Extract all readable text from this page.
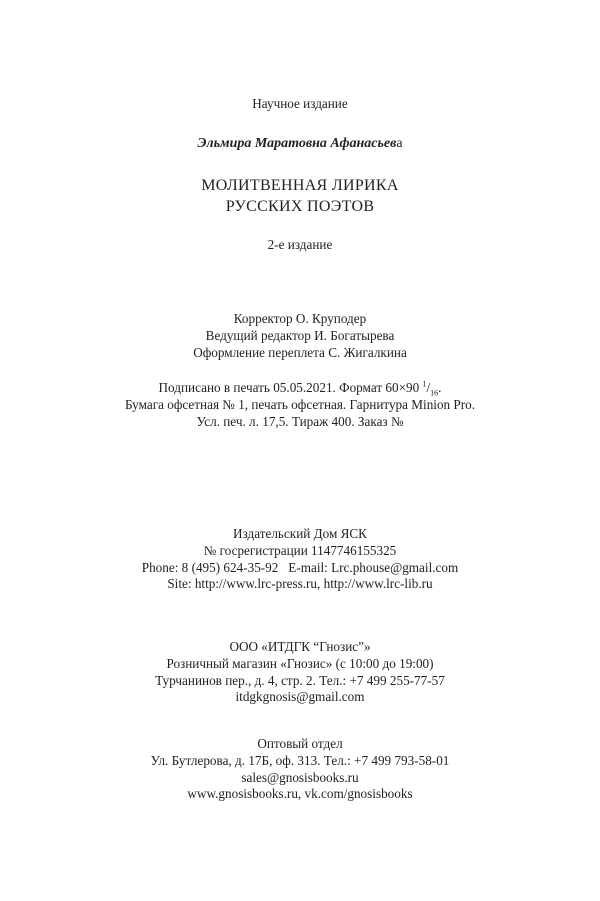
Научное издание
Эльмира Маратовна Афанасьева
МОЛИТВЕННАЯ ЛИРИКА
РУССКИХ ПОЭТОВ
2-е издание
Корректор О. Круподер
Ведущий редактор И. Богатырева
Оформление переплета С. Жигалкина
Подписано в печать 05.05.2021. Формат 60×90 $^1/_{16}$.
Бумага офсетная № 1, печать офсетная. Гарнитура Minion Pro.
Усл. печ. л. 17,5. Тираж 400. Заказ №
Издательский Дом ЯСК
№ госрегистрации 1147746155325
Phone: 8 (495) 624-35-92   E-mail: Lrc.phouse@gmail.com
Site: http://www.lrc-press.ru, http://www.lrc-lib.ru
ООО «ИТДГК “Гнозис”»
Розничный магазин «Гнозис» (с 10:00 до 19:00)
Турчанинов пер., д. 4, стр. 2. Тел.: +7 499 255-77-57
itdgkgnosis@gmail.com
Оптовый отдел
Ул. Бутлерова, д. 17Б, оф. 313. Тел.: +7 499 793-58-01
sales@gnosisbooks.ru
www.gnosisbooks.ru, vk.com/gnosisbooks
